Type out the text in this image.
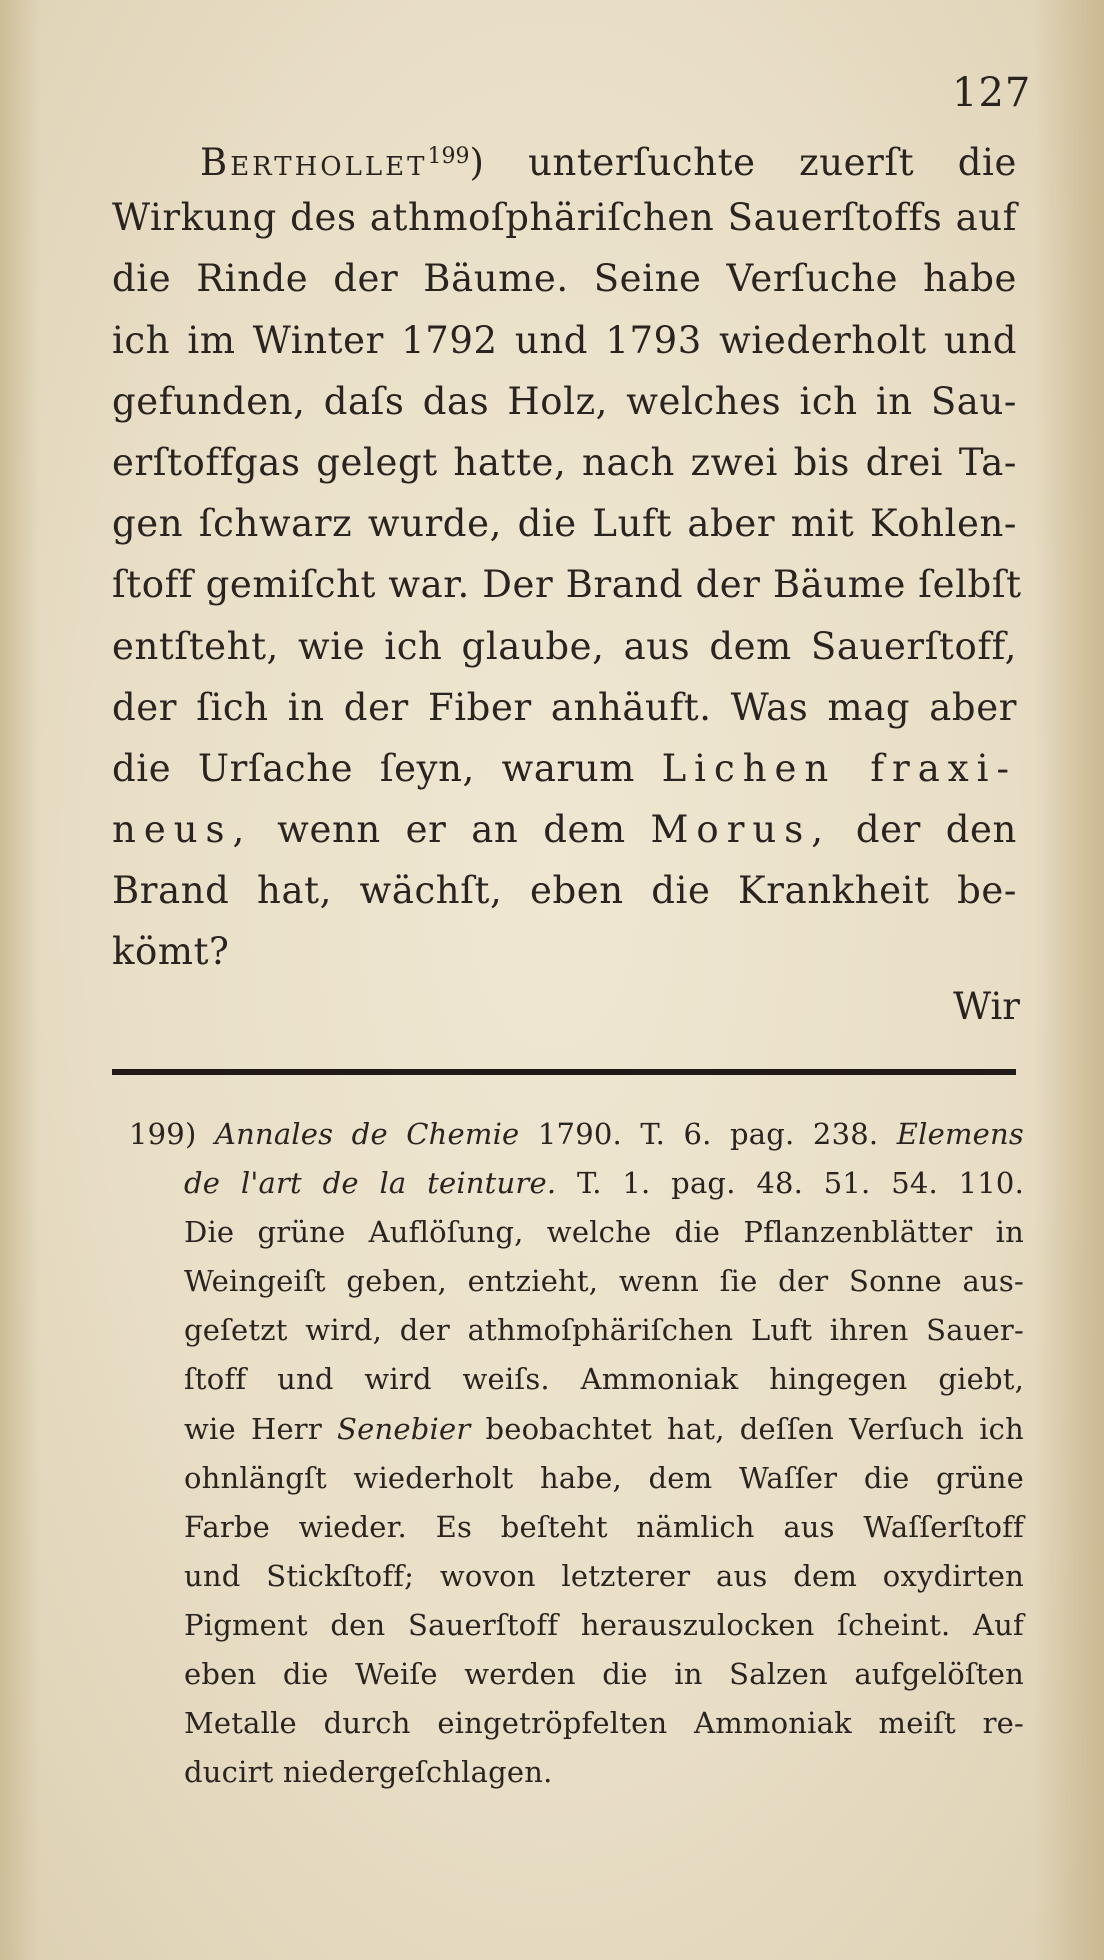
127
Berthollet$^{199}$) unterſuchte zuerſt die
Wirkung des athmoſphäriſchen Sauerſtoffs auf
die Rinde der Bäume. Seine Verſuche habe
ich im Winter 1792 und 1793 wiederholt und
gefunden, daſs das Holz, welches ich in Sau-
erſtoffgas gelegt hatte, nach zwei bis drei Ta-
gen ſchwarz wurde, die Luft aber mit Kohlen-
ſtoff gemiſcht war. Der Brand der Bäume ſelbſt
entſteht, wie ich glaube, aus dem Sauerſtoff,
der ſich in der Fiber anhäuft. Was mag aber
die Urſache ſeyn, warum Lichen fraxi-
neus, wenn er an dem Morus, der den
Brand hat, wächſt, eben die Krankheit be-
kömt?
Wir
199) Annales de Chemie 1790. T. 6. pag. 238. Elemens
de l'art de la teinture. T. 1. pag. 48. 51. 54. 110.
Die grüne Auflöſung, welche die Pflanzenblätter in
Weingeiſt geben, entzieht, wenn ſie der Sonne aus-
geſetzt wird, der athmoſphäriſchen Luft ihren Sauer-
ſtoff und wird weiſs. Ammoniak hingegen giebt,
wie Herr Senebier beobachtet hat, deſſen Verſuch ich
ohnlängſt wiederholt habe, dem Waſſer die grüne
Farbe wieder. Es beſteht nämlich aus Waſſerſtoff
und Stickſtoff; wovon letzterer aus dem oxydirten
Pigment den Sauerſtoff herauszulocken ſcheint. Auf
eben die Weiſe werden die in Salzen aufgelöſten
Metalle durch eingetröpfelten Ammoniak meiſt re-
ducirt niedergeſchlagen.
